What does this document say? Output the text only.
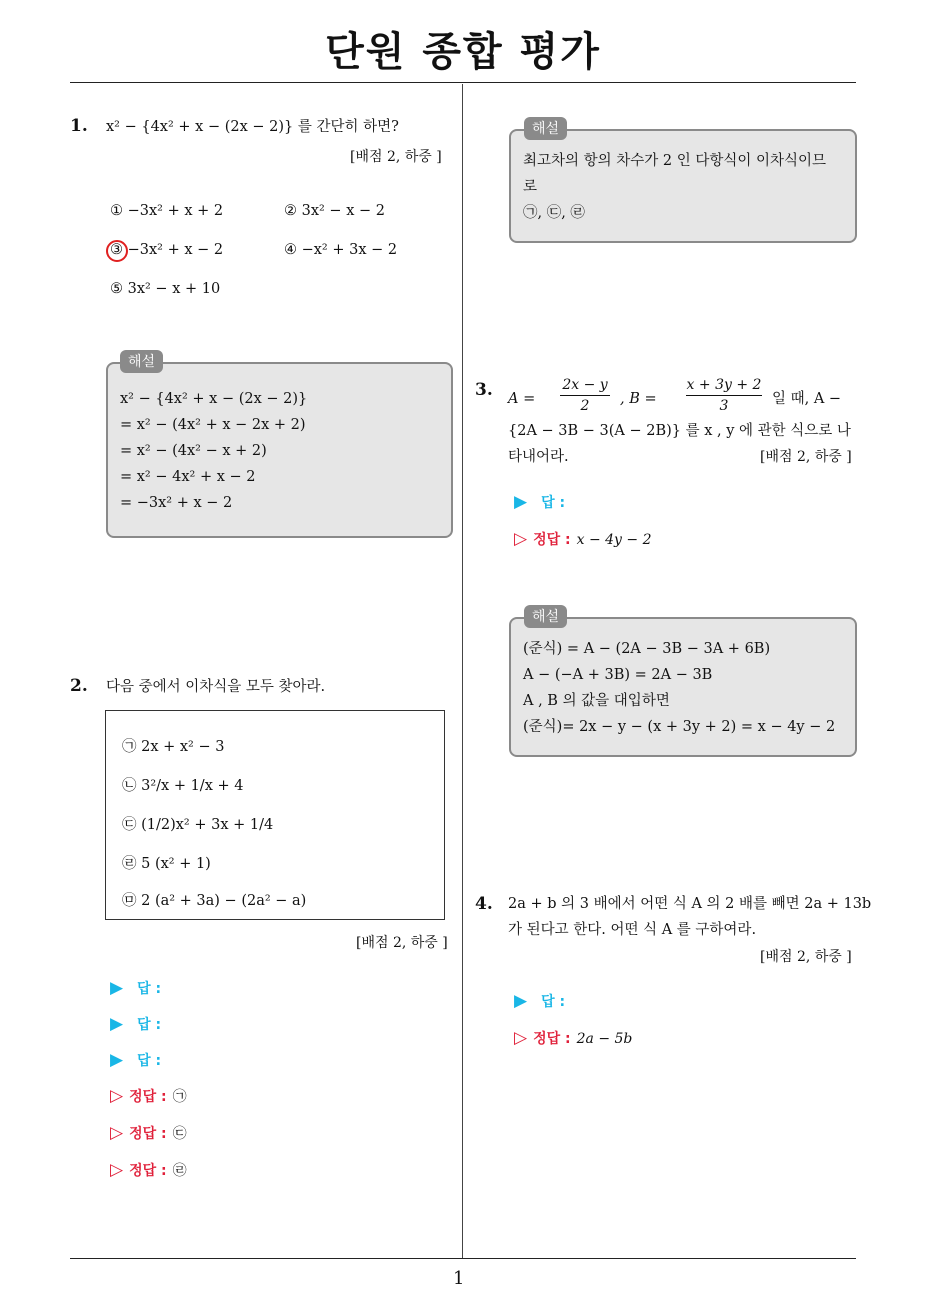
단원 종합 평가
1
1. x² − {4x² + x − (2x − 2)} 를 간단히 하면?
[배점 2, 하중 ]
① −3x² + x + 2	② 3x² − x − 2
③ −3x² + x − 2	④ −x² + 3x − 2
⑤ 3x² − x + 10
해설
x² − {4x² + x − (2x − 2)}
= x² − (4x² + x − 2x + 2)
= x² − (4x² − x + 2)
= x² − 4x² + x − 2
= −3x² + x − 2
2. 다음 중에서 이차식을 모두 찾아라.
㉠ 2x + x² − 3
㉡ 3²/x + 1/x + 4
㉢ (1/2)x² + 3x + 1/4
㉣ 5 (x² + 1)
㉤ 2 (a² + 3a) − (2a² − a)
[배점 2, 하중 ]
▶ 답 :
▶ 답 :
▶ 답 :
▷ 정답 : ㉠
▷ 정답 : ㉢
▷ 정답 : ㉣
해설
최고차의 항의 차수가 2 인 다항식이 이차식이므
로
㉠, ㉢, ㉣
3. $A = \frac{2x - y}{2}$ , $B = \frac{x + 3y + 2}{3}$ 일 때, A −
{2A − 3B − 3(A − 2B)} 를 x , y 에 관한 식으로 나
타내어라.	[배점 2, 하중 ]
▶ 답 :
▷ 정답 : x − 4y − 2
해설
(준식) = A − (2A − 3B − 3A + 6B)
A − (−A + 3B) = 2A − 3B
A , B 의 값을 대입하면
(준식)= 2x − y − (x + 3y + 2) = x − 4y − 2
4. 2a + b 의 3 배에서 어떤 식 A 의 2 배를 빼면 2a + 13b
가 된다고 한다. 어떤 식 A 를 구하여라.
[배점 2, 하중 ]
▶ 답 :
▷ 정답 : 2a − 5b
